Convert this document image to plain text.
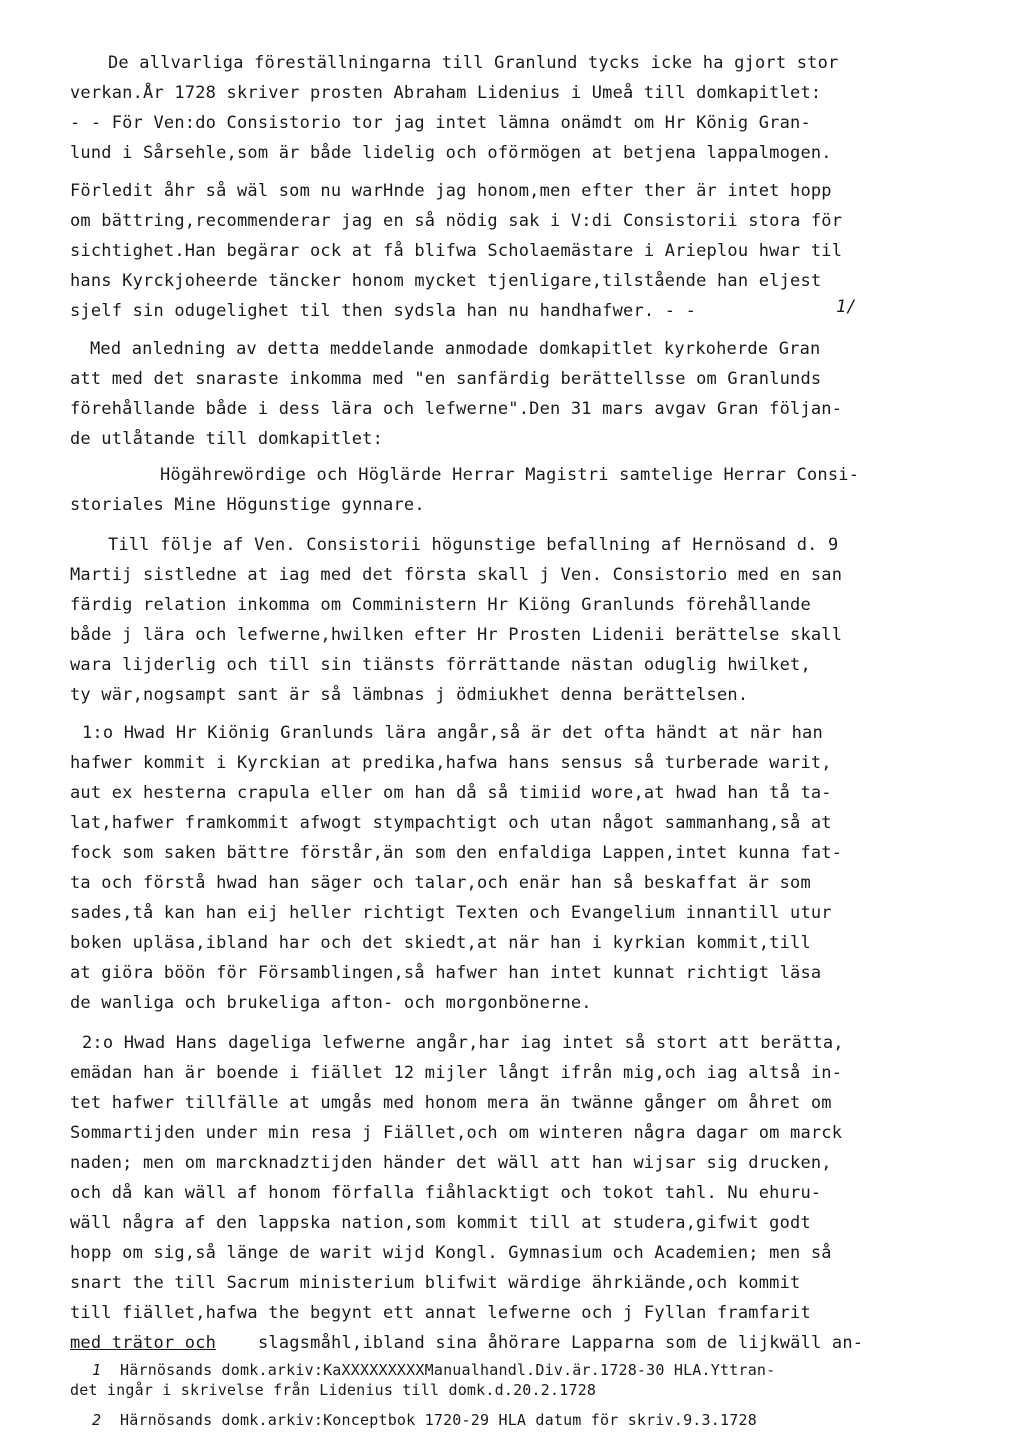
De allvarliga föreställningarna till Granlund tycks icke ha gjort stor
verkan.År 1728 skriver prosten Abraham Lidenius i Umeå till domkapitlet:
- - För Ven:do Consistorio tor jag intet lämna onämdt om Hr König Gran-
lund i Sårsehle,som är både lidelig och oförmögen at betjena lappalmogen.
Förledit åhr så wäl som nu warHnde jag honom,men efter ther är intet hopp
om bättring,recommenderar jag en så nödig sak i V:di Consistorii stora för
sichtighet.Han begärar ock at få blifwa Scholaemästare i Arieplou hwar til
hans Kyrckjoheerde täncker honom mycket tjenligare,tilstående han eljest
sjelf sin odugelighet til then sydsla han nu handhafwer. - -	1/
Med anledning av detta meddelande anmodade domkapitlet kyrkoherde Gran
att med det snaraste inkomma med "en sanfärdig berättellsse om Granlunds
förehållande både i dess lära och lefwerne".Den 31 mars avgav Gran följan-
de utlåtande till domkapitlet:
Högährewördige och Höglärde Herrar Magistri samtelige Herrar Consi-
storiales Mine Högunstige gynnare.
Till följe af Ven. Consistorii högunstige befallning af Hernösand d. 9
Martij sistledne at iag med det första skall j Ven. Consistorio med en san
färdig relation inkomma om Comministern Hr Kiöng Granlunds förehållande
både j lära och lefwerne,hwilken efter Hr Prosten Lidenii berättelse skall
wara lijderlig och till sin tiänsts förrättande nästan oduglig hwilket,
ty wär,nogsampt sant är så lämbnas j ödmiukhet denna berättelsen.
1:o Hwad Hr Kiönig Granlunds lära angår,så är det ofta händt at när han
hafwer kommit i Kyrckian at predika,hafwa hans sensus så turberade warit,
aut ex hesterna crapula eller om han då så timiid wore,at hwad han tå ta-
lat,hafwer framkommit afwogt stympachtigt och utan något sammanhang,så at
fock som saken bättre förstår,än som den enfaldiga Lappen,intet kunna fat-
ta och förstå hwad han säger och talar,och enär han så beskaffat är som
sades,tå kan han eij heller richtigt Texten och Evangelium innantill utur
boken upläsa,ibland har och det skiedt,at när han i kyrkian kommit,till
at giöra böön för Församblingen,så hafwer han intet kunnat richtigt läsa
de wanliga och brukeliga afton- och morgonbönerne.
2:o Hwad Hans dageliga lefwerne angår,har iag intet så stort att berätta,
emädan han är boende i fiället 12 mijler långt ifrån mig,och iag altså in-
tet hafwer tillfälle at umgås med honom mera än twänne gånger om åhret om
Sommartijden under min resa j Fiället,och om winteren några dagar om marck
naden; men om marcknadztijden händer det wäll att han wijsar sig drucken,
och då kan wäll af honom förfalla fiåhlacktigt och tokot tahl. Nu ehuru-
wäll några af den lappska nation,som kommit till at studera,gifwit godt
hopp om sig,så länge de warit wijd Kongl. Gymnasium och Academien; men så
snart the till Sacrum ministerium blifwit wärdige ährkiände,och kommit
till fiället,hafwa the begynt ett annat lefwerne och j Fyllan framfarit
med trätor och slagsmåhl,ibland sina åhörare Lapparna som de lijkwäll an-
1 Härnösands domk.arkiv:KaXXXXXXXXXManualhandl.Div.är.1728-30 HLA.Yttran-
det ingår i skrivelse från Lidenius till domk.d.20.2.1728
2 Härnösands domk.arkiv:Konceptbok 1720-29 HLA datum för skriv.9.3.1728
